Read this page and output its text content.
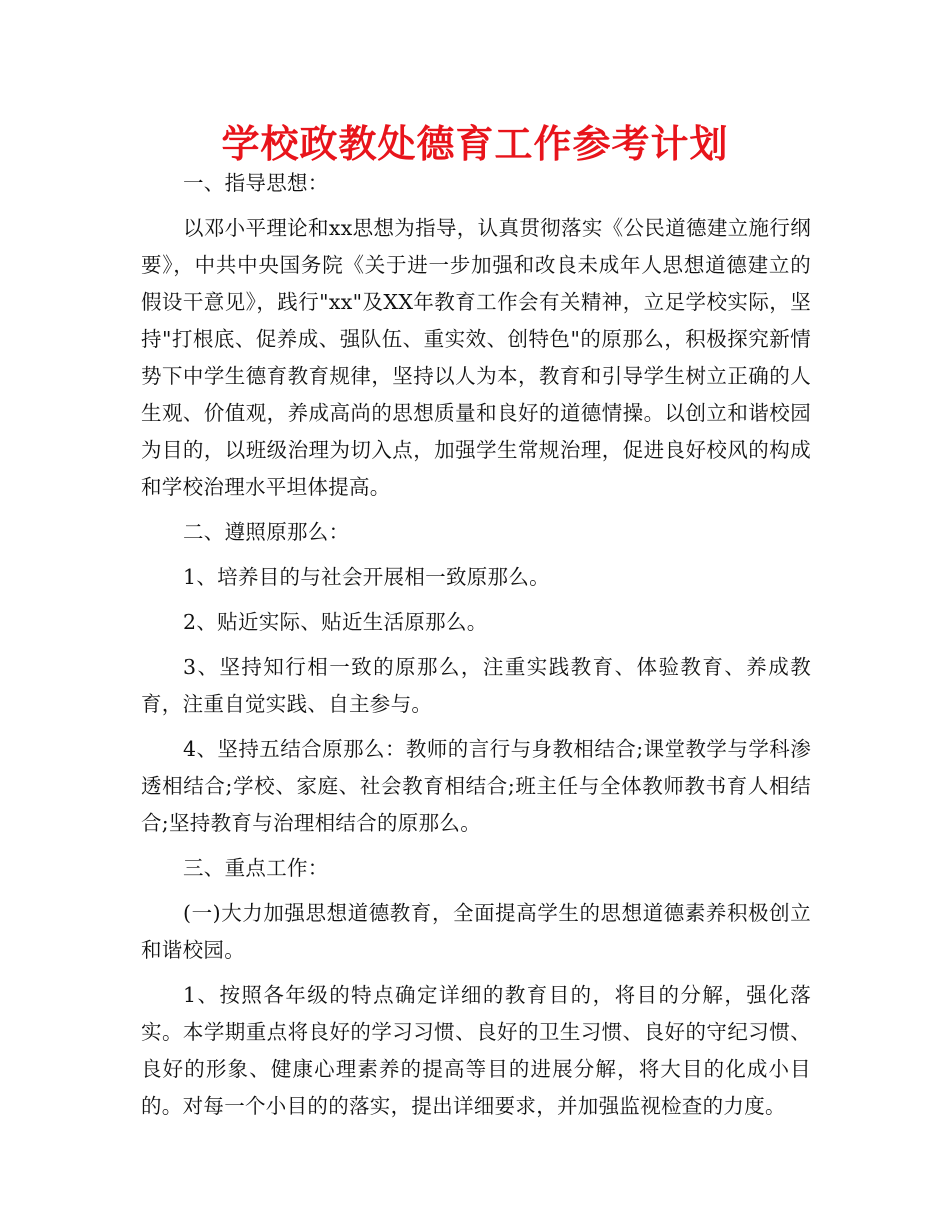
学校政教处德育工作参考计划

一、指导思想：

以邓小平理论和xx思想为指导，认真贯彻落实《公民道德建立施行纲要》，中共中央国务院《关于进一步加强和改良未成年人思想道德建立的假设干意见》，践行"xx"及XX年教育工作会有关精神，立足学校实际，坚持"打根底、促养成、强队伍、重实效、创特色"的原那么，积极探究新情势下中学生德育教育规律，坚持以人为本，教育和引导学生树立正确的人生观、价值观，养成高尚的思想质量和良好的道德情操。以创立和谐校园为目的，以班级治理为切入点，加强学生常规治理，促进良好校风的构成和学校治理水平坦体提高。

二、遵照原那么：

1、培养目的与社会开展相一致原那么。

2、贴近实际、贴近生活原那么。

3、坚持知行相一致的原那么，注重实践教育、体验教育、养成教育，注重自觉实践、自主参与。

4、坚持五结合原那么：教师的言行与身教相结合;课堂教学与学科渗透相结合;学校、家庭、社会教育相结合;班主任与全体教师教书育人相结合;坚持教育与治理相结合的原那么。

三、重点工作：

(一)大力加强思想道德教育，全面提高学生的思想道德素养积极创立和谐校园。

1、按照各年级的特点确定详细的教育目的，将目的分解，强化落实。本学期重点将良好的学习习惯、良好的卫生习惯、良好的守纪习惯、良好的形象、健康心理素养的提高等目的进展分解，将大目的化成小目的。对每一个小目的的落实，提出详细要求，并加强监视检查的力度。
